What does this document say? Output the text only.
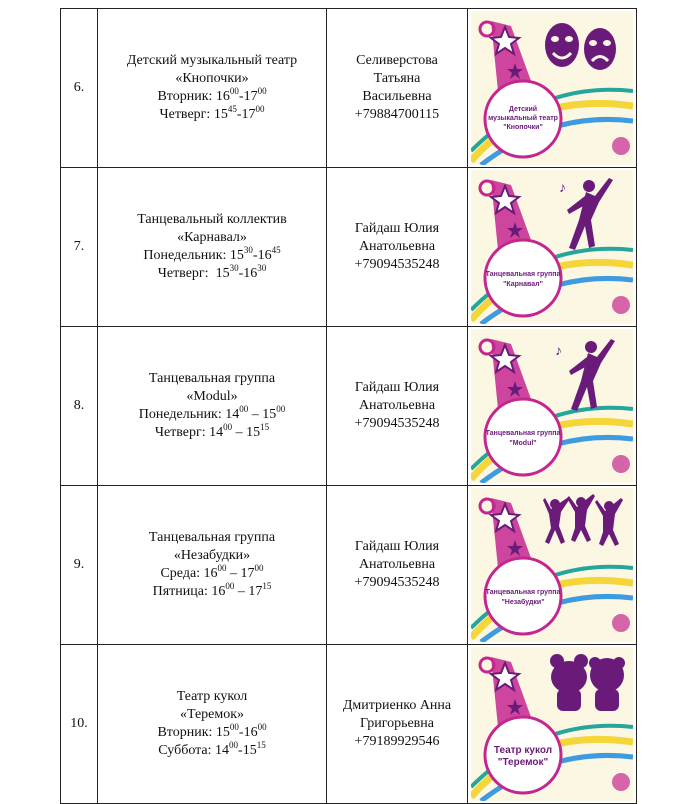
6.	Детский музыкальный театр
«Кнопочки»
Вторник: $16^{00}-17^{00}$
Четверг: $15^{45}-17^{00}$	Селиверстова
Татьяна
Васильевна
+79884700115	Детский
музыкальный театр
"Кнопочки"

7.	Танцевальный коллектив
«Карнавал»
Понедельник: $15^{30}-16^{45}$
Четверг:  $15^{30}-16^{30}$	Гайдаш Юлия
Анатольевна
+79094535248	♪
Танцевальная группа
"Карнавал"

8.	Танцевальная группа
«Modul»
Понедельник: $14^{00} - 15^{00}$
Четверг: $14^{00} - 15^{15}$	Гайдаш Юлия
Анатольевна
+79094535248	♪
Танцевальная группа
"Modul"

9.	Танцевальная группа
«Незабудки»
Среда: $16^{00} - 17^{00}$
Пятница: $16^{00} - 17^{15}$	Гайдаш Юлия
Анатольевна
+79094535248	Танцевальная группа
"Незабудки"

10.	Театр кукол
«Теремок»
Вторник: $15^{00}-16^{00}$
Суббота: $14^{00}-15^{15}$	Дмитриенко Анна
Григорьевна
+79189929546	Театр кукол
"Теремок"
